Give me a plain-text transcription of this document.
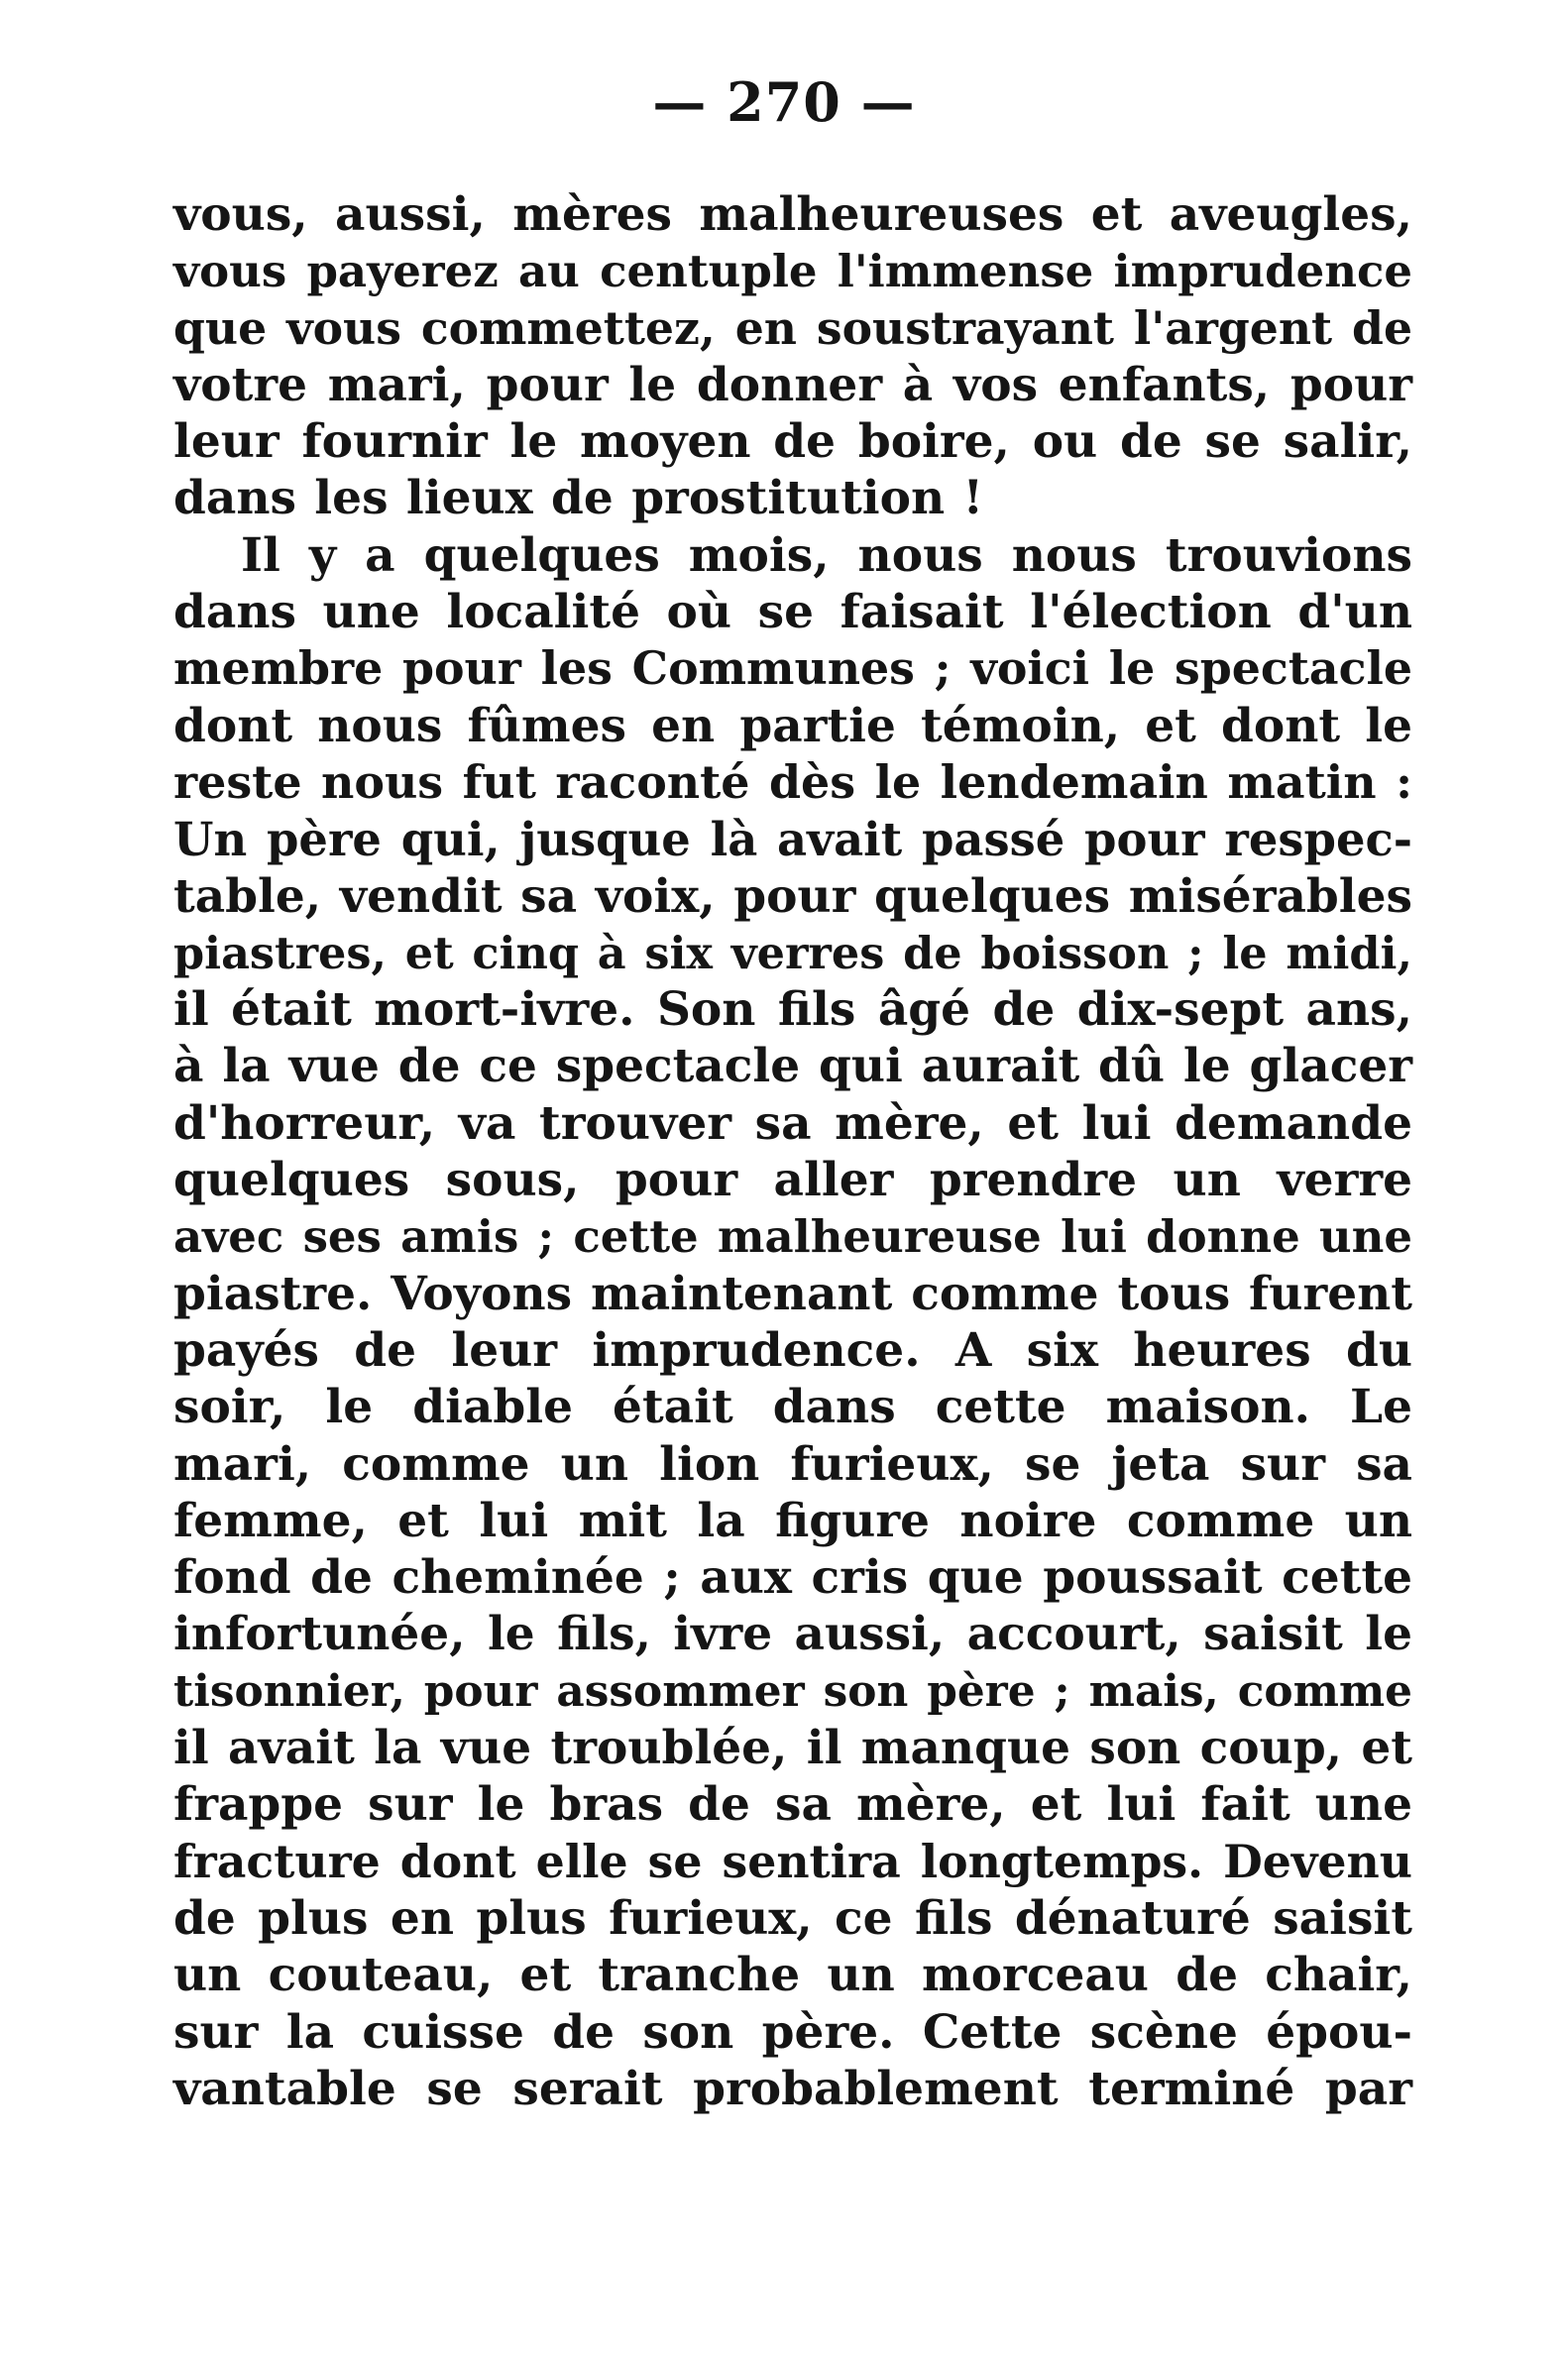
— 270 —
vous, aussi, mères malheureuses et aveugles,
vous payerez au centuple l'immense imprudence
que vous commettez, en soustrayant l'argent de
votre mari, pour le donner à vos enfants, pour
leur fournir le moyen de boire, ou de se salir,
dans les lieux de prostitution !
Il y a quelques mois, nous nous trouvions
dans une localité où se faisait l'élection d'un
membre pour les Communes ; voici le spectacle
dont nous fûmes en partie témoin, et dont le
reste nous fut raconté dès le lendemain matin :
Un père qui, jusque là avait passé pour respec-
table, vendit sa voix, pour quelques misérables
piastres, et cinq à six verres de boisson ; le midi,
il était mort-ivre. Son fils âgé de dix-sept ans,
à la vue de ce spectacle qui aurait dû le glacer
d'horreur, va trouver sa mère, et lui demande
quelques sous, pour aller prendre un verre
avec ses amis ; cette malheureuse lui donne une
piastre. Voyons maintenant comme tous furent
payés de leur imprudence. A six heures du
soir, le diable était dans cette maison. Le
mari, comme un lion furieux, se jeta sur sa
femme, et lui mit la figure noire comme un
fond de cheminée ; aux cris que poussait cette
infortunée, le fils, ivre aussi, accourt, saisit le
tisonnier, pour assommer son père ; mais, comme
il avait la vue troublée, il manque son coup, et
frappe sur le bras de sa mère, et lui fait une
fracture dont elle se sentira longtemps. Devenu
de plus en plus furieux, ce fils dénaturé saisit
un couteau, et tranche un morceau de chair,
sur la cuisse de son père. Cette scène épou-
vantable se serait probablement terminé par
